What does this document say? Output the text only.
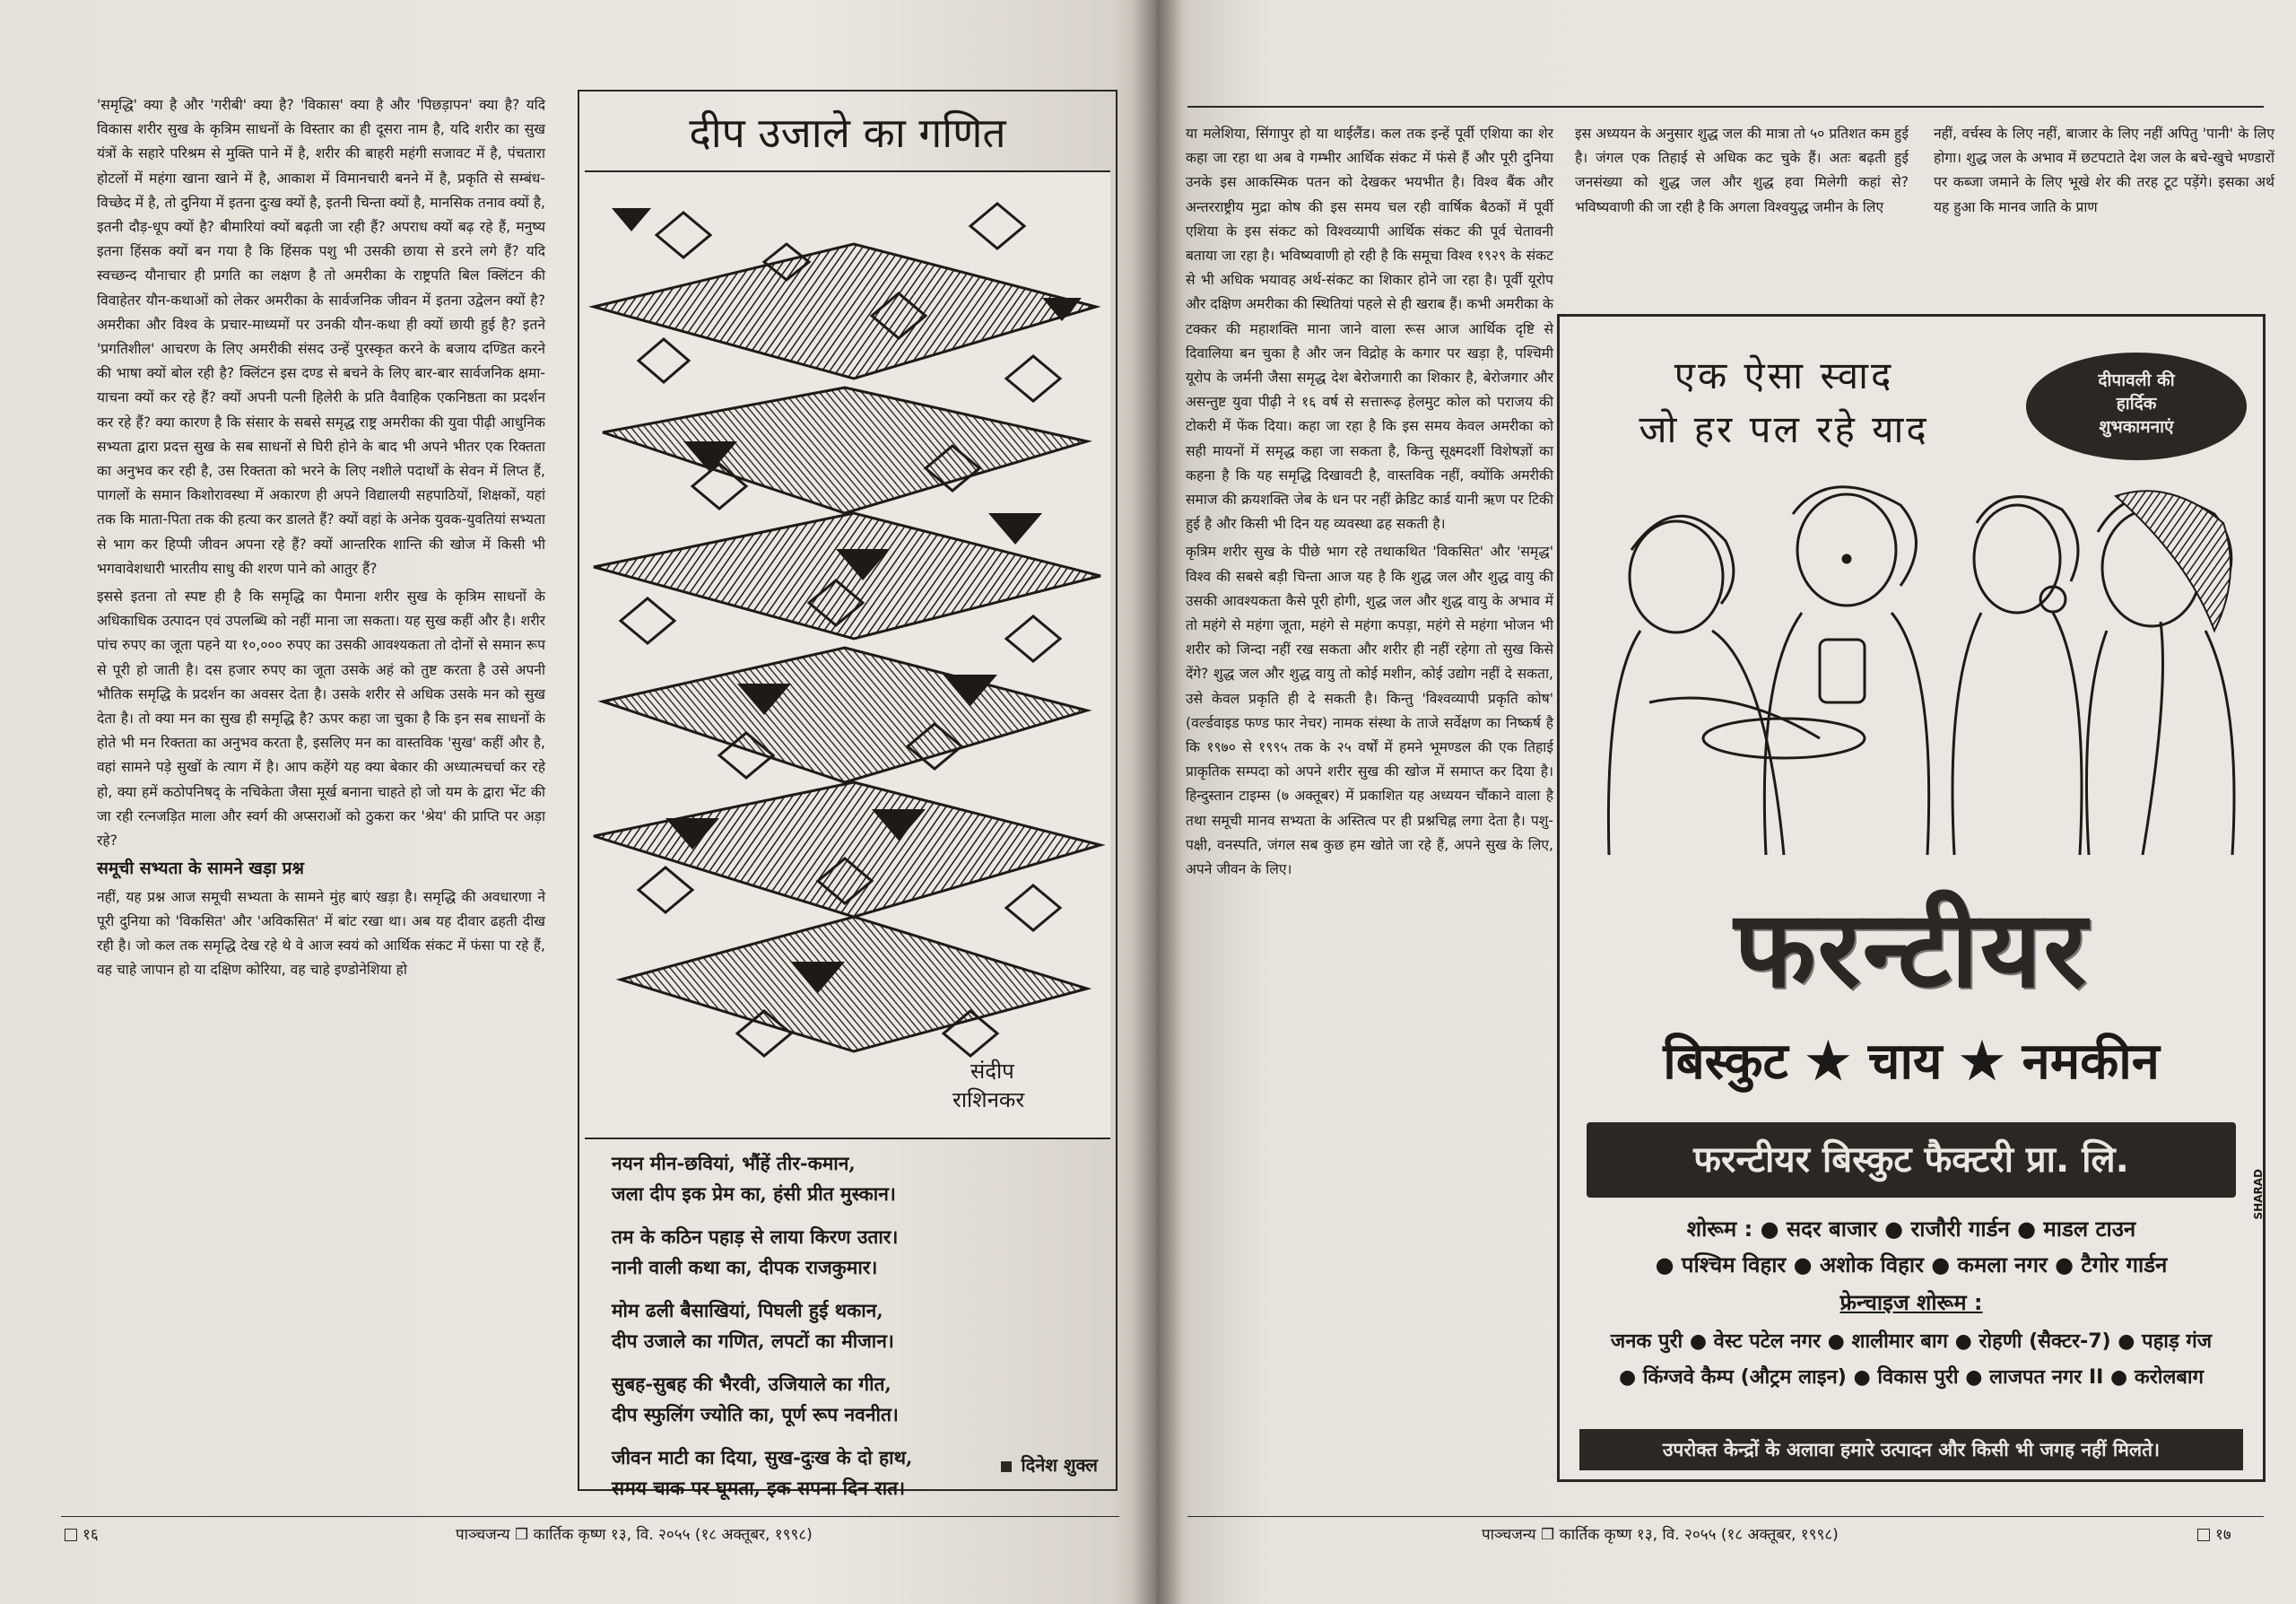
'समृद्धि' क्या है और 'गरीबी' क्या है? 'विकास' क्या है और 'पिछड़ापन' क्या है? यदि विकास शरीर सुख के कृत्रिम साधनों के विस्तार का ही दूसरा नाम है, यदि शरीर का सुख यंत्रों के सहारे परिश्रम से मुक्ति पाने में है, शरीर की बाहरी महंगी सजावट में है, पंचतारा होटलों में महंगा खाना खाने में है, आकाश में विमानचारी बनने में है, प्रकृति से सम्बंध-विच्छेद में है, तो दुनिया में इतना दुःख क्यों है, इतनी चिन्ता क्यों है, मानसिक तनाव क्यों है, इतनी दौड़-धूप क्यों है? बीमारियां क्यों बढ़ती जा रही हैं? अपराध क्यों बढ़ रहे हैं, मनुष्य इतना हिंसक क्यों बन गया है कि हिंसक पशु भी उसकी छाया से डरने लगे हैं? यदि स्वच्छन्द यौनाचार ही प्रगति का लक्षण है तो अमरीका के राष्ट्रपति बिल क्लिंटन की विवाहेतर यौन-कथाओं को लेकर अमरीका के सार्वजनिक जीवन में इतना उद्वेलन क्यों है? अमरीका और विश्व के प्रचार-माध्यमों पर उनकी यौन-कथा ही क्यों छायी हुई है? इतने 'प्रगतिशील' आचरण के लिए अमरीकी संसद उन्हें पुरस्कृत करने के बजाय दण्डित करने की भाषा क्यों बोल रही है? क्लिंटन इस दण्ड से बचने के लिए बार-बार सार्वजनिक क्षमा-याचना क्यों कर रहे हैं? क्यों अपनी पत्नी हिलेरी के प्रति वैवाहिक एकनिष्ठता का प्रदर्शन कर रहे हैं? क्या कारण है कि संसार के सबसे समृद्ध राष्ट्र अमरीका की युवा पीढ़ी आधुनिक सभ्यता द्वारा प्रदत्त सुख के सब साधनों से घिरी होने के बाद भी अपने भीतर एक रिक्तता का अनुभव कर रही है, उस रिक्तता को भरने के लिए नशीले पदार्थों के सेवन में लिप्त हैं, पागलों के समान किशोरावस्था में अकारण ही अपने विद्यालयी सहपाठियों, शिक्षकों, यहां तक कि माता-पिता तक की हत्या कर डालते हैं? क्यों वहां के अनेक युवक-युवतियां सभ्यता से भाग कर हिप्पी जीवन अपना रहे हैं? क्यों आन्तरिक शान्ति की खोज में किसी भी भगवावेशधारी भारतीय साधु की शरण पाने को आतुर हैं?

इससे इतना तो स्पष्ट ही है कि समृद्धि का पैमाना शरीर सुख के कृत्रिम साधनों के अधिकाधिक उत्पादन एवं उपलब्धि को नहीं माना जा सकता। यह सुख कहीं और है। शरीर पांच रुपए का जूता पहने या १०,००० रुपए का उसकी आवश्यकता तो दोनों से समान रूप से पूरी हो जाती है। दस हजार रुपए का जूता उसके अहं को तुष्ट करता है उसे अपनी भौतिक समृद्धि के प्रदर्शन का अवसर देता है। उसके शरीर से अधिक उसके मन को सुख देता है। तो क्या मन का सुख ही समृद्धि है? ऊपर कहा जा चुका है कि इन सब साधनों के होते भी मन रिक्तता का अनुभव करता है, इसलिए मन का वास्तविक 'सुख' कहीं और है, वहां सामने पड़े सुखों के त्याग में है। आप कहेंगे यह क्या बेकार की अध्यात्मचर्चा कर रहे हो, क्या हमें कठोपनिषद् के नचिकेता जैसा मूर्ख बनाना चाहते हो जो यम के द्वारा भेंट की जा रही रत्नजड़ित माला और स्वर्ग की अप्सराओं को ठुकरा कर 'श्रेय' की प्राप्ति पर अड़ा रहे?

समूची सभ्यता के सामने खड़ा प्रश्न

नहीं, यह प्रश्न आज समूची सभ्यता के सामने मुंह बाएं खड़ा है। समृद्धि की अवधारणा ने पूरी दुनिया को 'विकसित' और 'अविकसित' में बांट रखा था। अब यह दीवार ढहती दीख रही है। जो कल तक समृद्धि देख रहे थे वे आज स्वयं को आर्थिक संकट में फंसा पा रहे हैं, वह चाहे जापान हो या दक्षिण कोरिया, वह चाहे इण्डोनेशिया हो

दीप उजाले का गणित
संदीप
राशिनकर

नयन मीन-छवियां, भौंहें तीर-कमान,
जला दीप इक प्रेम का, हंसी प्रीत मुस्कान।

तम के कठिन पहाड़ से लाया किरण उतार।
नानी वाली कथा का, दीपक राजकुमार।

मोम ढली बैसाखियां, पिघली हुई थकान,
दीप उजाले का गणित, लपटों का मीजान।

सुबह-सुबह की भैरवी, उजियाले का गीत,
दीप स्फुलिंग ज्योति का, पूर्ण रूप नवनीत।

जीवन माटी का दिया, सुख-दुःख के दो हाथ,
समय चाक पर घूमता, इक सपना दिन रात।

दिनेश शुक्ल
१६	पाञ्चजन्य ❒ कार्तिक कृष्ण १३, वि. २०५५ (१८ अक्तूबर, १९९८)

या मलेशिया, सिंगापुर हो या थाईलैंड। कल तक इन्हें पूर्वी एशिया का शेर कहा जा रहा था अब वे गम्भीर आर्थिक संकट में फंसे हैं और पूरी दुनिया उनके इस आकस्मिक पतन को देखकर भयभीत है। विश्व बैंक और अन्तरराष्ट्रीय मुद्रा कोष की इस समय चल रही वार्षिक बैठकों में पूर्वी एशिया के इस संकट को विश्वव्यापी आर्थिक संकट की पूर्व चेतावनी बताया जा रहा है। भविष्यवाणी हो रही है कि समूचा विश्व १९२९ के संकट से भी अधिक भयावह अर्थ-संकट का शिकार होने जा रहा है। पूर्वी यूरोप और दक्षिण अमरीका की स्थितियां पहले से ही खराब हैं। कभी अमरीका के टक्कर की महाशक्ति माना जाने वाला रूस आज आर्थिक दृष्टि से दिवालिया बन चुका है और जन विद्रोह के कगार पर खड़ा है, पश्चिमी यूरोप के जर्मनी जैसा समृद्ध देश बेरोजगारी का शिकार है, बेरोजगार और असन्तुष्ट युवा पीढ़ी ने १६ वर्ष से सत्तारूढ़ हेलमुट कोल को पराजय की टोकरी में फेंक दिया। कहा जा रहा है कि इस समय केवल अमरीका को सही मायनों में समृद्ध कहा जा सकता है, किन्तु सूक्ष्मदर्शी विशेषज्ञों का कहना है कि यह समृद्धि दिखावटी है, वास्तविक नहीं, क्योंकि अमरीकी समाज की क्रयशक्ति जेब के धन पर नहीं क्रेडिट कार्ड यानी ऋण पर टिकी हुई है और किसी भी दिन यह व्यवस्था ढह सकती है।

कृत्रिम शरीर सुख के पीछे भाग रहे तथाकथित 'विकसित' और 'समृद्ध' विश्व की सबसे बड़ी चिन्ता आज यह है कि शुद्ध जल और शुद्ध वायु की उसकी आवश्यकता कैसे पूरी होगी, शुद्ध जल और शुद्ध वायु के अभाव में तो महंगे से महंगा जूता, महंगे से महंगा कपड़ा, महंगे से महंगा भोजन भी शरीर को जिन्दा नहीं रख सकता और शरीर ही नहीं रहेगा तो सुख किसे देंगे? शुद्ध जल और शुद्ध वायु तो कोई मशीन, कोई उद्योग नहीं दे सकता, उसे केवल प्रकृति ही दे सकती है। किन्तु 'विश्वव्यापी प्रकृति कोष' (वर्ल्डवाइड फण्ड फार नेचर) नामक संस्था के ताजे सर्वेक्षण का निष्कर्ष है कि १९७० से १९९५ तक के २५ वर्षों में हमने भूमण्डल की एक तिहाई प्राकृतिक सम्पदा को अपने शरीर सुख की खोज में समाप्त कर दिया है। हिन्दुस्तान टाइम्स (७ अक्तूबर) में प्रकाशित यह अध्ययन चौंकाने वाला है तथा समूची मानव सभ्यता के अस्तित्व पर ही प्रश्नचिह्न लगा देता है। पशु-पक्षी, वनस्पति, जंगल सब कुछ हम खोते जा रहे हैं, अपने सुख के लिए, अपने जीवन के लिए।

इस अध्ययन के अनुसार शुद्ध जल की मात्रा तो ५० प्रतिशत कम हुई है। जंगल एक तिहाई से अधिक कट चुके हैं। अतः बढ़ती हुई जनसंख्या को शुद्ध जल और शुद्ध हवा मिलेगी कहां से? भविष्यवाणी की जा रही है कि अगला विश्वयुद्ध जमीन के लिए
नहीं, वर्चस्व के लिए नहीं, बाजार के लिए नहीं अपितु 'पानी' के लिए होगा। शुद्ध जल के अभाव में छटपटाते देश जल के बचे-खुचे भण्डारों पर कब्जा जमाने के लिए भूखे शेर की तरह टूट पड़ेंगे। इसका अर्थ यह हुआ कि मानव जाति के प्राण
एक ऐसा स्वाद
जो हर पल रहे याद
दीपावली की
हार्दिक
शुभकामनाएं
फरन्टीयर
बिस्कुट ★ चाय ★ नमकीन
फरन्टीयर बिस्कुट फैक्टरी प्रा. लि.
शोरूम : ● सदर बाजार ● राजौरी गार्डन ● माडल टाउन
● पश्चिम विहार ● अशोक विहार ● कमला नगर ● टैगोर गार्डन
फ्रेन्चाइज शोरूम :
जनक पुरी ● वेस्ट पटेल नगर ● शालीमार बाग ● रोहणी (सैक्टर-7) ● पहाड़ गंज
● किंग्जवे कैम्प (औट्रम लाइन) ● विकास पुरी ● लाजपत नगर II ● करोलबाग
उपरोक्त केन्द्रों के अलावा हमारे उत्पादन और किसी भी जगह नहीं मिलते।
SHARAD
पाञ्चजन्य ❒ कार्तिक कृष्ण १३, वि. २०५५ (१८ अक्तूबर, १९९८)	१७
